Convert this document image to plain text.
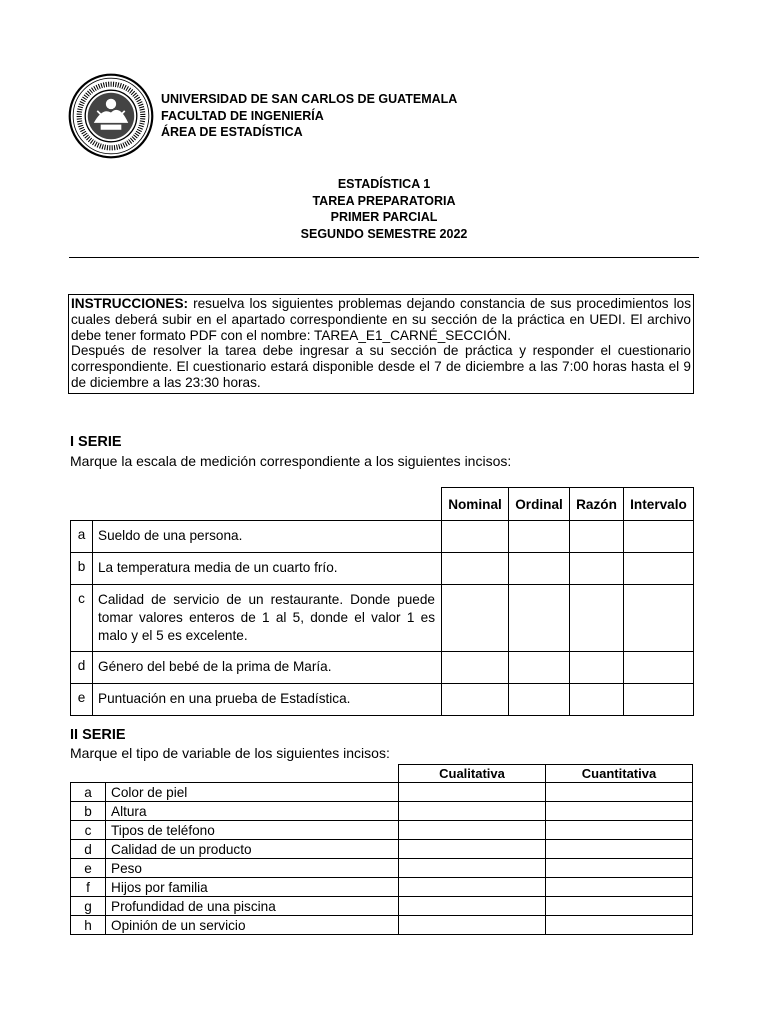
UNIVERSIDAD DE SAN CARLOS DE GUATEMALA
FACULTAD DE INGENIERÍA
ÁREA DE ESTADÍSTICA
ESTADÍSTICA 1
TAREA PREPARATORIA
PRIMER PARCIAL
SEGUNDO SEMESTRE 2022

INSTRUCCIONES: resuelva los siguientes problemas dejando constancia de sus procedimientos los cuales deberá subir en el apartado correspondiente en su sección de la práctica en UEDI. El archivo debe tener formato PDF con el nombre: TAREA_E1_CARNÉ_SECCIÓN.

Después de resolver la tarea debe ingresar a su sección de práctica y responder el cuestionario correspondiente. El cuestionario estará disponible desde el 7 de diciembre a las 7:00 horas hasta el 9 de diciembre a las 23:30 horas.

I SERIE
Marque la escala de medición correspondiente a los siguientes incisos:
		Nominal	Ordinal	Razón	Intervalo
a	Sueldo de una persona.				
b	La temperatura media de un cuarto frío.				
c	Calidad de servicio de un restaurante. Donde puede tomar valores enteros de 1 al 5, donde el valor 1 es malo y el 5 es excelente.				
d	Género del bebé de la prima de María.				
e	Puntuación en una prueba de Estadística.				
II SERIE
Marque el tipo de variable de los siguientes incisos:
		Cualitativa	Cuantitativa
a	Color de piel		
b	Altura		
c	Tipos de teléfono		
d	Calidad de un producto		
e	Peso		
f	Hijos por familia		
g	Profundidad de una piscina		
h	Opinión de un servicio		
